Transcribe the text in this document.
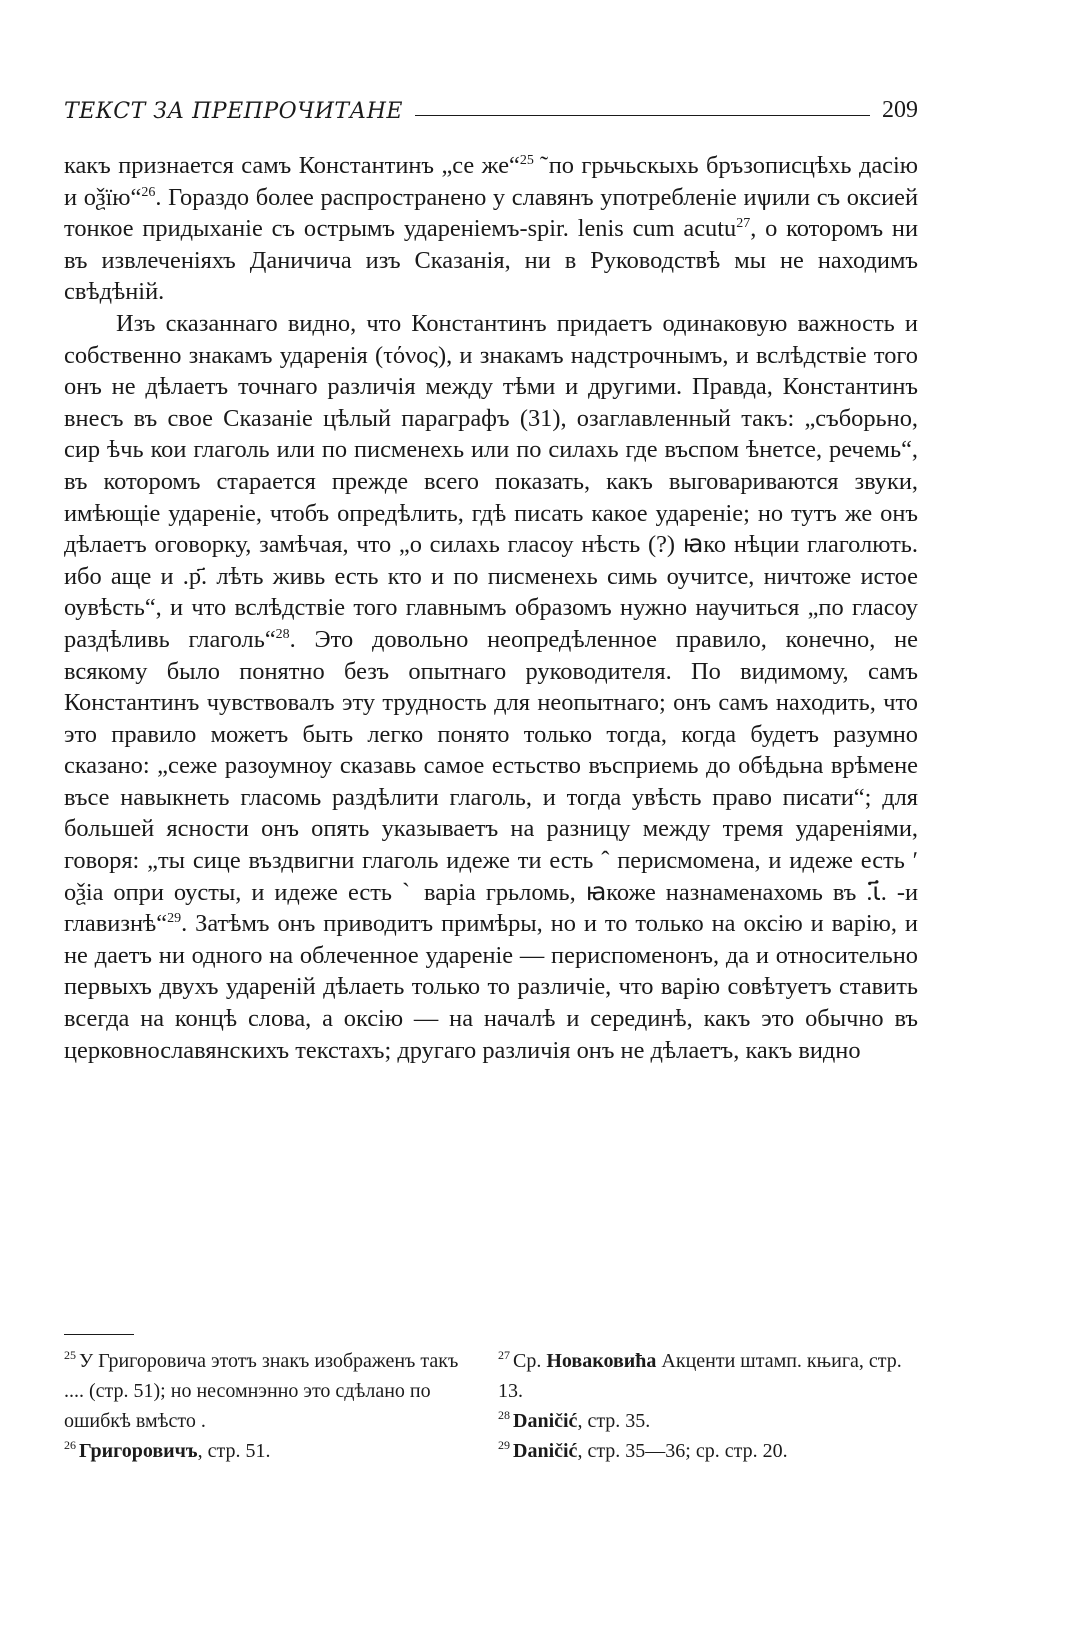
ТЕКСТ ЗА ПРЕПРОЧИТАНЕ	209

какъ признается самъ Константинъ „се же“$^{25}$ ̃ по грьчьскыхь бръзописцѣхь дасію и оѯїю“$^{26}$. Гораздо более распространено у славянъ употребленіе иѱили съ оксией тонкое придыханіе съ острымъ удареніемъ-spir. lenis cum acutu$^{27}$, о которомъ ни въ извлеченіяхъ Даничича изъ Сказанія, ни в Руководствѣ мы не находимъ свѣдѣній.

Изъ сказаннаго видно, что Константинъ придаетъ одинаковую важность и собственно знакамъ ударенія (τόνος), и знакамъ надстрочнымъ, и вслѣдствіе того онъ не дѣлаетъ точнаго различія между тѣми и другими. Правда, Константинъ внесъ въ свое Сказаніе цѣлый параграфъ (31), озаглавленный такъ: „съборьно, сир ѣчь кои глаголь или по писменехь или по силахь где въспом ѣнетсе, речемь“, въ которомъ старается прежде всего показать, какъ выговариваются звуки, имѣющіе удареніе, чтобъ опредѣлить, гдѣ писать какое удареніе; но тутъ же онъ дѣлаетъ оговорку, замѣчая, что „о силахь гласоу нѣсть (?) ꙗко нѣции глаголють. ибо аще и .р҃. лѣть живь есть кто и по писменехь симь оучитсе, ничтоже истое оувѣсть“, и что вслѣдствіе того главнымъ образомъ нужно научиться „по гласоу раздѣливь глаголь“$^{28}$. Это довольно неопредѣленное правило, конечно, не всякому было понятно безъ опытнаго руководителя. По видимому, самъ Константинъ чувствовалъ эту трудность для неопытнаго; онъ самъ находить, что это правило можетъ быть легко понято только тогда, когда будетъ разумно сказано: „сеже разоумноу сказавь самое естьство въсприемь до обѣдьна врѣмене въсе навыкнеть гласомь раздѣлити глаголь, и тогда увѣсть право писати“; для большей ясности онъ опять указываетъ на разницу между тремя удареніями, говоря: „ты сице въздвигни глаголь идеже ти есть ˆ перисмомена, и идеже есть ʹ оѯіа опри оусты, и идеже есть ˋ варіа грьломь, ꙗкоже назнаменахомь въ .ꙇ҃. -и главизнѣ“$^{29}$. Затѣмъ онъ приводитъ примѣры, но и то только на оксію и варію, и не даетъ ни одного на облеченное удареніе — периспоменонъ, да и относительно первыхъ двухъ ударенiй дѣлаеть только то различіе, что варію совѣтуетъ ставить всегда на концѣ слова, а оксію — на началѣ и серединѣ, какъ это обычно въ церковнославянскихъ текстахъ; другаго различія онъ не дѣлаетъ, какъ видно

$^{25}$ У Григоровича этотъ знакъ изображенъ такъ .... (стр. 51); но несомнэнно это сдѣлано по ошибкѣ вмѣсто .

$^{26}$ Григоровичъ, стр. 51.

$^{27}$ Ср. Новаковића Акценти штамп. књига, стр. 13.

$^{28}$ Daničić, стр. 35.

$^{29}$ Daničić, стр. 35—36; ср. стр. 20.
